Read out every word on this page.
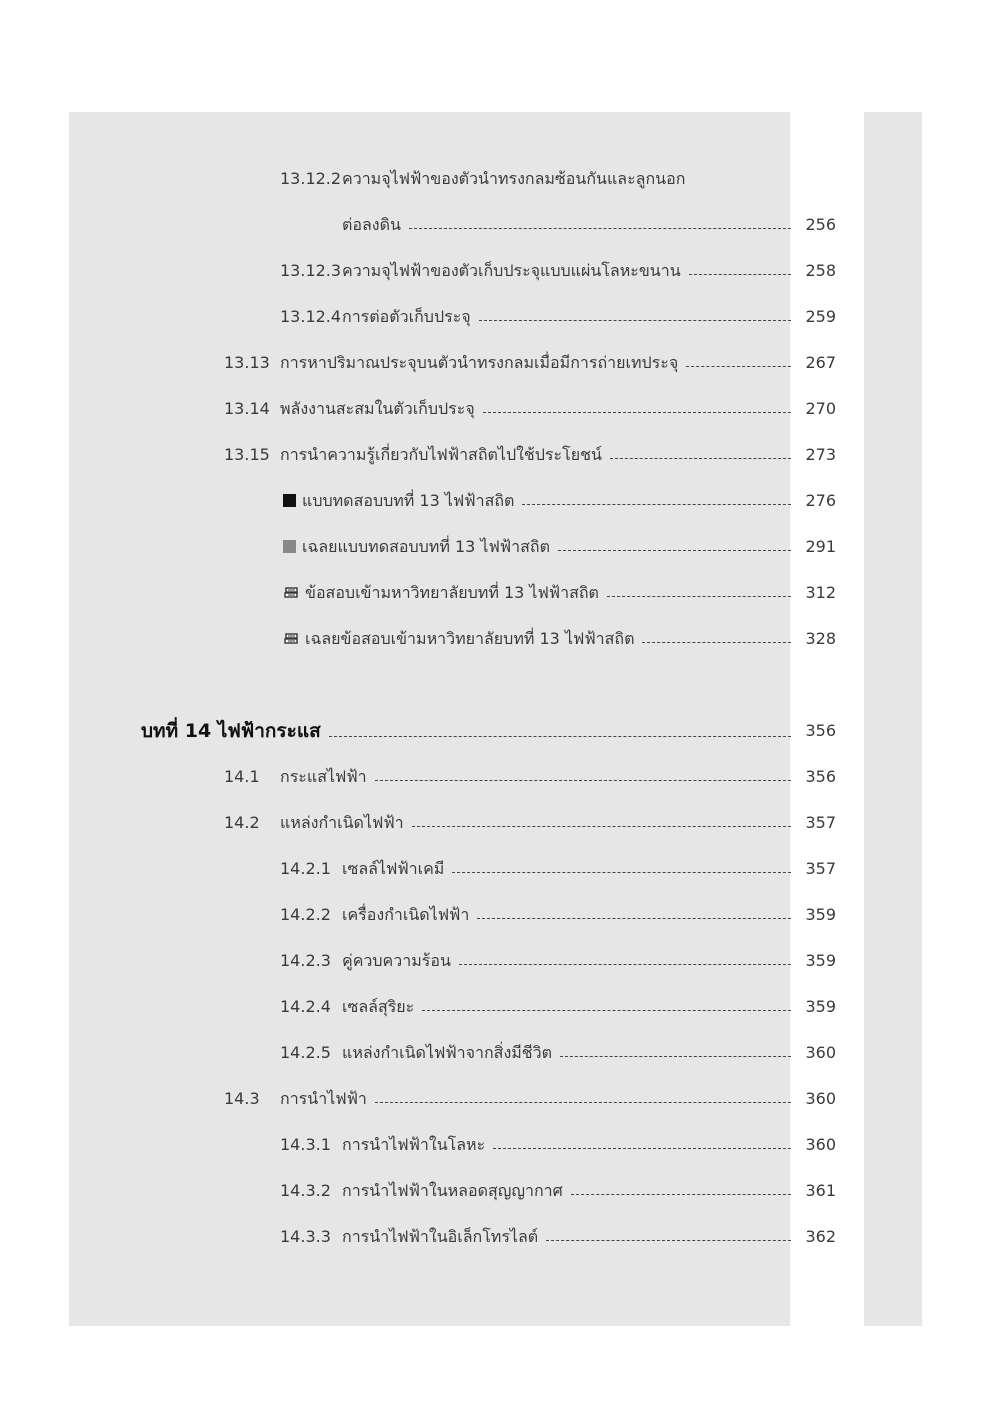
13.12.2 ความจุไฟฟ้าของตัวนำทรงกลมซ้อนกันและลูกนอก
ต่อลงดิน	256
13.12.3 ความจุไฟฟ้าของตัวเก็บประจุแบบแผ่นโลหะขนาน	258
13.12.4 การต่อตัวเก็บประจุ	259
13.13 การหาปริมาณประจุบนตัวนำทรงกลมเมื่อมีการถ่ายเทประจุ	267
13.14 พลังงานสะสมในตัวเก็บประจุ	270
13.15 การนำความรู้เกี่ยวกับไฟฟ้าสถิตไปใช้ประโยชน์	273
แบบทดสอบบทที่ 13 ไฟฟ้าสถิต	276
เฉลยแบบทดสอบบทที่ 13 ไฟฟ้าสถิต	291
ข้อสอบเข้ามหาวิทยาลัยบทที่ 13 ไฟฟ้าสถิต	312
เฉลยข้อสอบเข้ามหาวิทยาลัยบทที่ 13 ไฟฟ้าสถิต	328
บทที่ 14 ไฟฟ้ากระแส	356
14.1 กระแสไฟฟ้า	356
14.2 แหล่งกำเนิดไฟฟ้า	357
14.2.1 เซลล์ไฟฟ้าเคมี	357
14.2.2 เครื่องกำเนิดไฟฟ้า	359
14.2.3 คู่ควบความร้อน	359
14.2.4 เซลล์สุริยะ	359
14.2.5 แหล่งกำเนิดไฟฟ้าจากสิ่งมีชีวิต	360
14.3 การนำไฟฟ้า	360
14.3.1 การนำไฟฟ้าในโลหะ	360
14.3.2 การนำไฟฟ้าในหลอดสุญญากาศ	361
14.3.3 การนำไฟฟ้าในอิเล็กโทรไลต์	362
